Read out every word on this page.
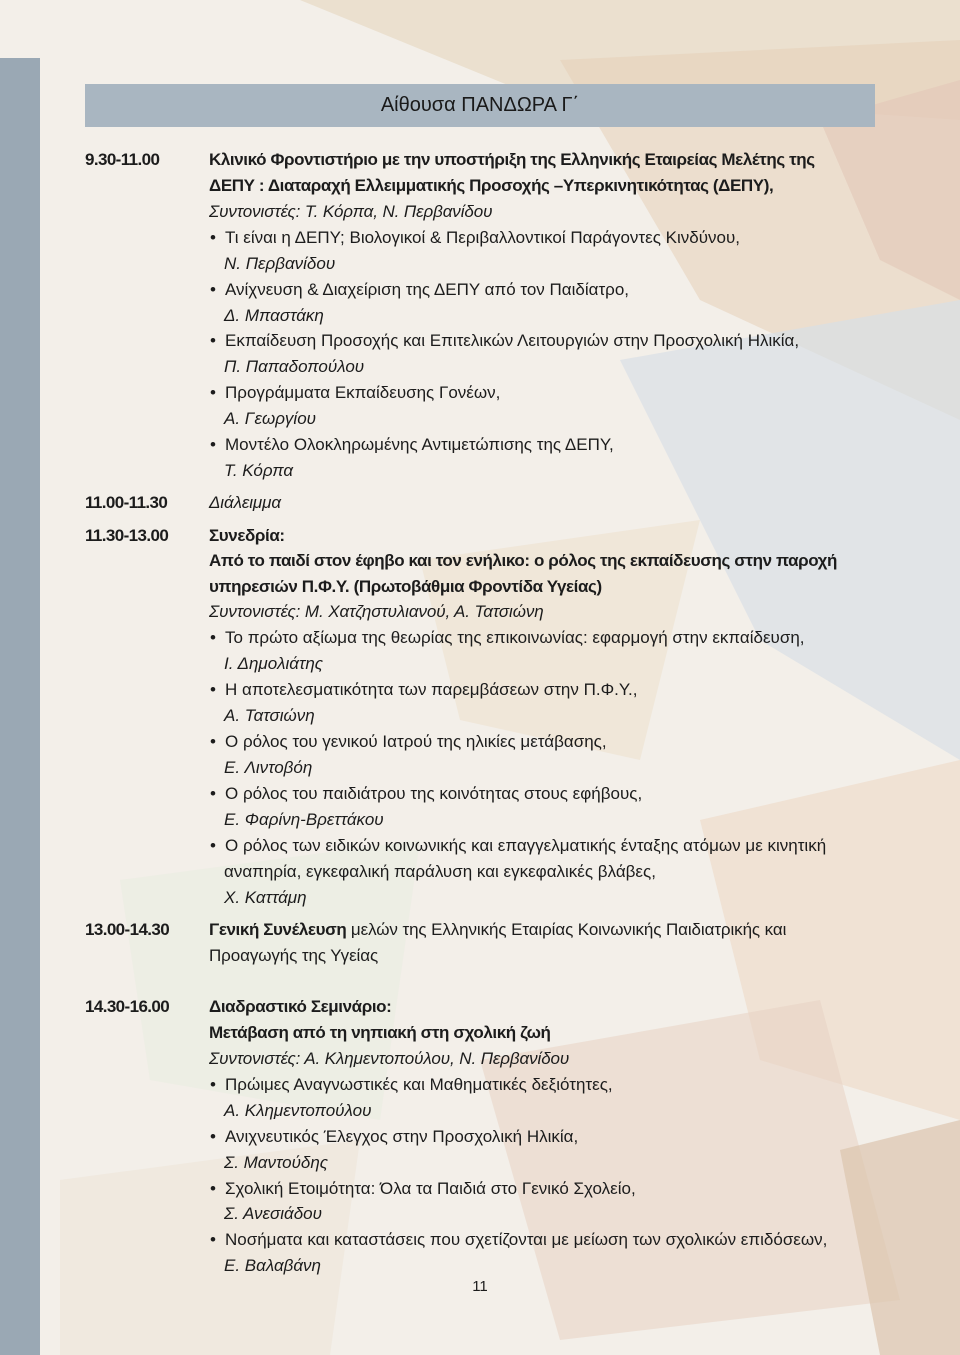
Αίθουσα ΠΑΝΔΩΡΑ Γ΄
9.30-11.00	Κλινικό Φροντιστήριο με την υποστήριξη της Ελληνικής Εταιρείας Μελέτης της
ΔΕΠΥ : Διαταραχή Ελλειμματικής Προσοχής –Υπερκινητικότητας (ΔΕΠΥ),
Συντονιστές: Τ. Κόρπα, Ν. Περβανίδου
• Τι είναι η ΔΕΠΥ; Βιολογικοί & Περιβαλλοντικοί Παράγοντες Κινδύνου,
Ν. Περβανίδου
• Ανίχνευση & Διαχείριση της ΔΕΠΥ από τον Παιδίατρο,
Δ. Μπαστάκη
• Εκπαίδευση Προσοχής και Επιτελικών Λειτουργιών στην Προσχολική Ηλικία,
Π. Παπαδοπούλου
• Προγράμματα Εκπαίδευσης Γονέων,
Α. Γεωργίου
• Μοντέλο Ολοκληρωμένης Αντιμετώπισης της ΔΕΠΥ,
Τ. Κόρπα
11.00-11.30 Διάλειμμα
11.30-13.00 Συνεδρία:
Από το παιδί στον έφηβο και τον ενήλικο: ο ρόλος της εκπαίδευσης στην παροχή
υπηρεσιών Π.Φ.Υ. (Πρωτοβάθμια Φροντίδα Υγείας)
Συντονιστές: Μ. Χατζηστυλιανού, Α. Τατσιώνη
• Το πρώτο αξίωμα της θεωρίας της επικοινωνίας: εφαρμογή στην εκπαίδευση,
Ι. Δημολιάτης
• Η αποτελεσματικότητα των παρεμβάσεων στην Π.Φ.Υ.,
Α. Τατσιώνη
• Ο ρόλος του γενικού Ιατρού της ηλικίες μετάβασης,
Ε. Λιντοβόη
• Ο ρόλος του παιδιάτρου της κοινότητας στους εφήβους,
Ε. Φαρίνη-Βρεττάκου
• Ο ρόλος των ειδικών κοινωνικής και επαγγελματικής ένταξης ατόμων με κινητική
αναπηρία, εγκεφαλική παράλυση και εγκεφαλικές βλάβες,
Χ. Καττάμη
13.00-14.30 Γενική Συνέλευση μελών της Ελληνικής Εταιρίας Κοινωνικής Παιδιατρικής και
Προαγωγής της Υγείας
14.30-16.00 Διαδραστικό Σεμινάριο:
Μετάβαση από τη νηπιακή στη σχολική ζωή
Συντονιστές: Α. Κλημεντοπούλου, Ν. Περβανίδου
• Πρώιμες Αναγνωστικές και Μαθηματικές δεξιότητες,
Α. Κλημεντοπούλου
• Ανιχνευτικός Έλεγχος στην Προσχολική Ηλικία,
Σ. Μαντούδης
• Σχολική Ετοιμότητα: Όλα τα Παιδιά στο Γενικό Σχολείο,
Σ. Ανεσιάδου
• Νοσήματα και καταστάσεις που σχετίζονται με μείωση των σχολικών επιδόσεων,
Ε. Βαλαβάνη
11
